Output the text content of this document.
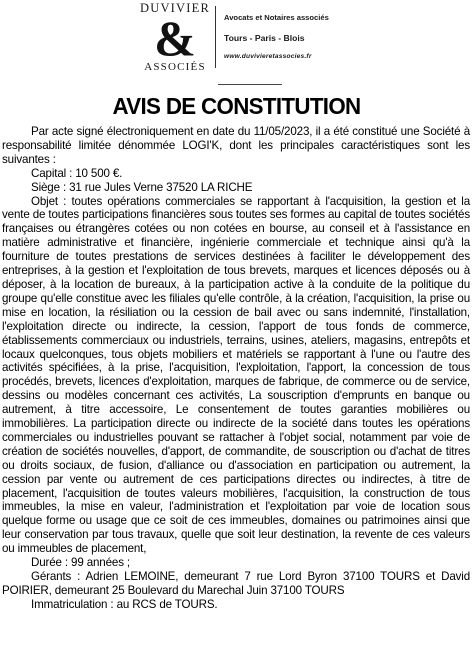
DUVIVIER
&
ASSOCIÉS
Avocats et Notaires associés
Tours - Paris - Blois
www.duvivieretassocies.fr
AVIS DE CONSTITUTION

Par acte signé électroniquement en date du 11/05/2023, il a été constitué une Société à responsabilité limitée dénommée LOGI'K, dont les principales caractéristiques sont les suivantes :

Capital : 10 500 €.

Siège : 31 rue Jules Verne 37520 LA RICHE

Objet : toutes opérations commerciales se rapportant à l'acquisition, la gestion et la vente de toutes participations financières sous toutes ses formes au capital de toutes sociétés françaises ou étrangères cotées ou non cotées en bourse, au conseil et à l'assistance en matière administrative et financière, ingénierie commerciale et technique ainsi qu'à la fourniture de toutes prestations de services destinées à faciliter le développement des entreprises, à la gestion et l'exploitation de tous brevets, marques et licences déposés ou à déposer, à la location de bureaux, à la participation active à la conduite de la politique du groupe qu'elle constitue avec les filiales qu'elle contrôle, à la création, l'acquisition, la prise ou mise en location, la résiliation ou la cession de bail avec ou sans indemnité, l'installation, l'exploitation directe ou indirecte, la cession, l'apport de tous fonds de commerce, établissements commerciaux ou industriels, terrains, usines, ateliers, magasins, entrepôts et locaux quelconques, tous objets mobiliers et matériels se rapportant à l'une ou l'autre des activités spécifiées, à la prise, l'acquisition, l'exploitation, l'apport, la concession de tous procédés, brevets, licences d'exploitation, marques de fabrique, de commerce ou de service, dessins ou modèles concernant ces activités, La souscription d'emprunts en banque ou autrement, à titre accessoire, Le consentement de toutes garanties mobilières ou immobilières. La participation directe ou indirecte de la société dans toutes les opérations commerciales ou industrielles pouvant se rattacher à l'objet social, notamment par voie de création de sociétés nouvelles, d'apport, de commandite, de souscription ou d'achat de titres ou droits sociaux, de fusion, d'alliance ou d'association en participation ou autrement, la cession par vente ou autrement de ces participations directes ou indirectes, à titre de placement, l'acquisition de toutes valeurs mobilières, l'acquisition, la construction de tous immeubles, la mise en valeur, l'administration et l'exploitation par voie de location sous quelque forme ou usage que ce soit de ces immeubles, domaines ou patrimoines ainsi que leur conservation par tous travaux, quelle que soit leur destination, la revente de ces valeurs ou immeubles de placement,

Durée : 99 années ;

Gérants : Adrien LEMOINE, demeurant 7 rue Lord Byron 37100 TOURS et David POIRIER, demeurant 25 Boulevard du Marechal Juin 37100 TOURS

Immatriculation : au RCS de TOURS.
